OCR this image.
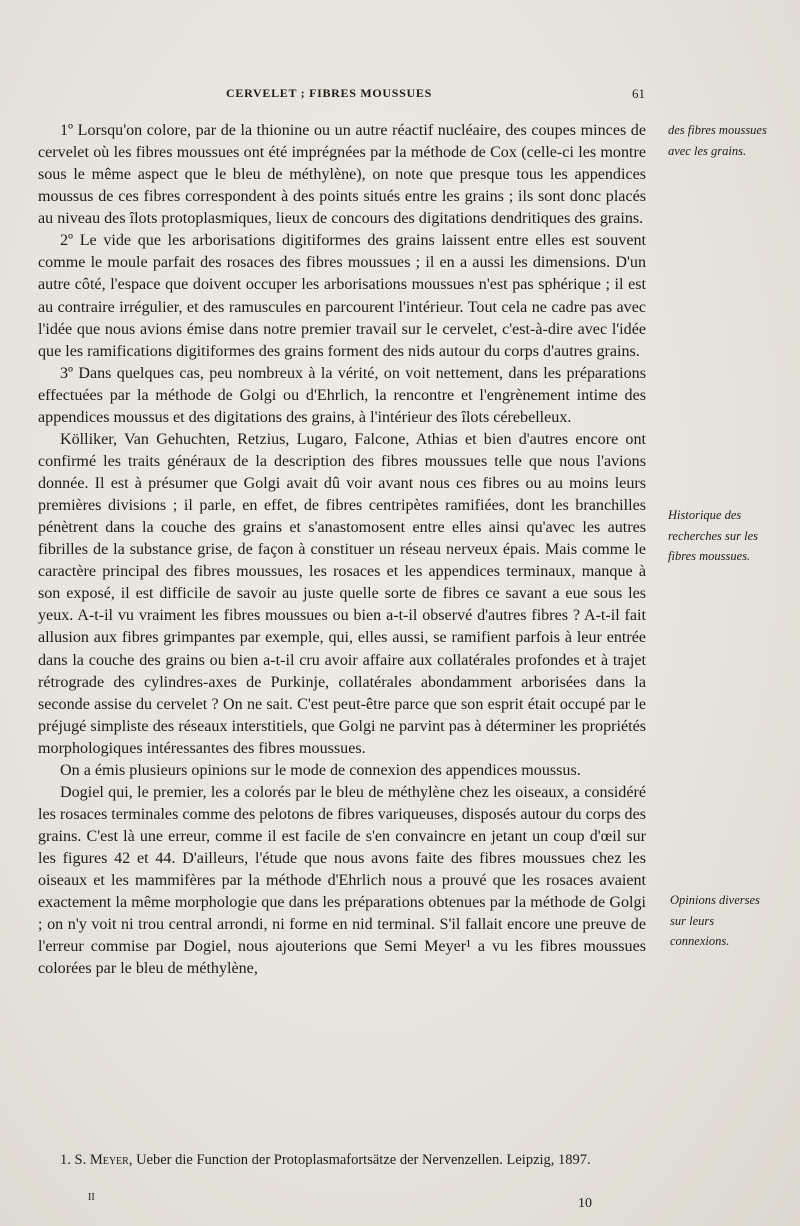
CERVELET ; FIBRES MOUSSUES	61

1º Lorsqu'on colore, par de la thionine ou un autre réactif nucléaire, des coupes minces de cervelet où les fibres moussues ont été imprégnées par la méthode de Cox (celle-ci les montre sous le même aspect que le bleu de méthylène), on note que presque tous les appendices moussus de ces fibres correspondent à des points situés entre les grains ; ils sont donc placés au niveau des îlots protoplasmiques, lieux de concours des digitations dendritiques des grains.

2º Le vide que les arborisations digitiformes des grains laissent entre elles est souvent comme le moule parfait des rosaces des fibres moussues ; il en a aussi les dimensions. D'un autre côté, l'espace que doivent occuper les arborisations moussues n'est pas sphérique ; il est au contraire irrégulier, et des ramuscules en parcourent l'intérieur. Tout cela ne cadre pas avec l'idée que nous avions émise dans notre premier travail sur le cervelet, c'est-à-dire avec l'idée que les ramifications digitiformes des grains forment des nids autour du corps d'autres grains.

3º Dans quelques cas, peu nombreux à la vérité, on voit nettement, dans les préparations effectuées par la méthode de Golgi ou d'Ehrlich, la rencontre et l'engrènement intime des appendices moussus et des digitations des grains, à l'intérieur des îlots cérebelleux.

Kölliker, Van Gehuchten, Retzius, Lugaro, Falcone, Athias et bien d'autres encore ont confirmé les traits généraux de la description des fibres moussues telle que nous l'avions donnée. Il est à présumer que Golgi avait dû voir avant nous ces fibres ou au moins leurs premières divisions ; il parle, en effet, de fibres centripètes ramifiées, dont les branchilles pénètrent dans la couche des grains et s'anastomosent entre elles ainsi qu'avec les autres fibrilles de la substance grise, de façon à constituer un réseau nerveux épais. Mais comme le caractère principal des fibres moussues, les rosaces et les appendices terminaux, manque à son exposé, il est difficile de savoir au juste quelle sorte de fibres ce savant a eue sous les yeux. A-t-il vu vraiment les fibres moussues ou bien a-t-il observé d'autres fibres ? A-t-il fait allusion aux fibres grimpantes par exemple, qui, elles aussi, se ramifient parfois à leur entrée dans la couche des grains ou bien a-t-il cru avoir affaire aux collatérales profondes et à trajet rétrograde des cylindres-axes de Purkinje, collatérales abondamment arborisées dans la seconde assise du cervelet ? On ne sait. C'est peut-être parce que son esprit était occupé par le préjugé simpliste des réseaux interstitiels, que Golgi ne parvint pas à déterminer les propriétés morphologiques intéressantes des fibres moussues.

On a émis plusieurs opinions sur le mode de connexion des appendices moussus.

Dogiel qui, le premier, les a colorés par le bleu de méthylène chez les oiseaux, a considéré les rosaces terminales comme des pelotons de fibres variqueuses, disposés autour du corps des grains. C'est là une erreur, comme il est facile de s'en convaincre en jetant un coup d'œil sur les figures 42 et 44. D'ailleurs, l'étude que nous avons faite des fibres moussues chez les oiseaux et les mammifères par la méthode d'Ehrlich nous a prouvé que les rosaces avaient exactement la même morphologie que dans les préparations obtenues par la méthode de Golgi ; on n'y voit ni trou central arrondi, ni forme en nid terminal. S'il fallait encore une preuve de l'erreur commise par Dogiel, nous ajouterions que Semi Meyer¹ a vu les fibres moussues colorées par le bleu de méthylène,

des fibres moussues avec les grains.
Historique des recherches sur les fibres moussues.
Opinions diverses sur leurs connexions.

1. S. Meyer, Ueber die Function der Protoplasmafortsätze der Nervenzellen. Leipzig, 1897.

II	10
